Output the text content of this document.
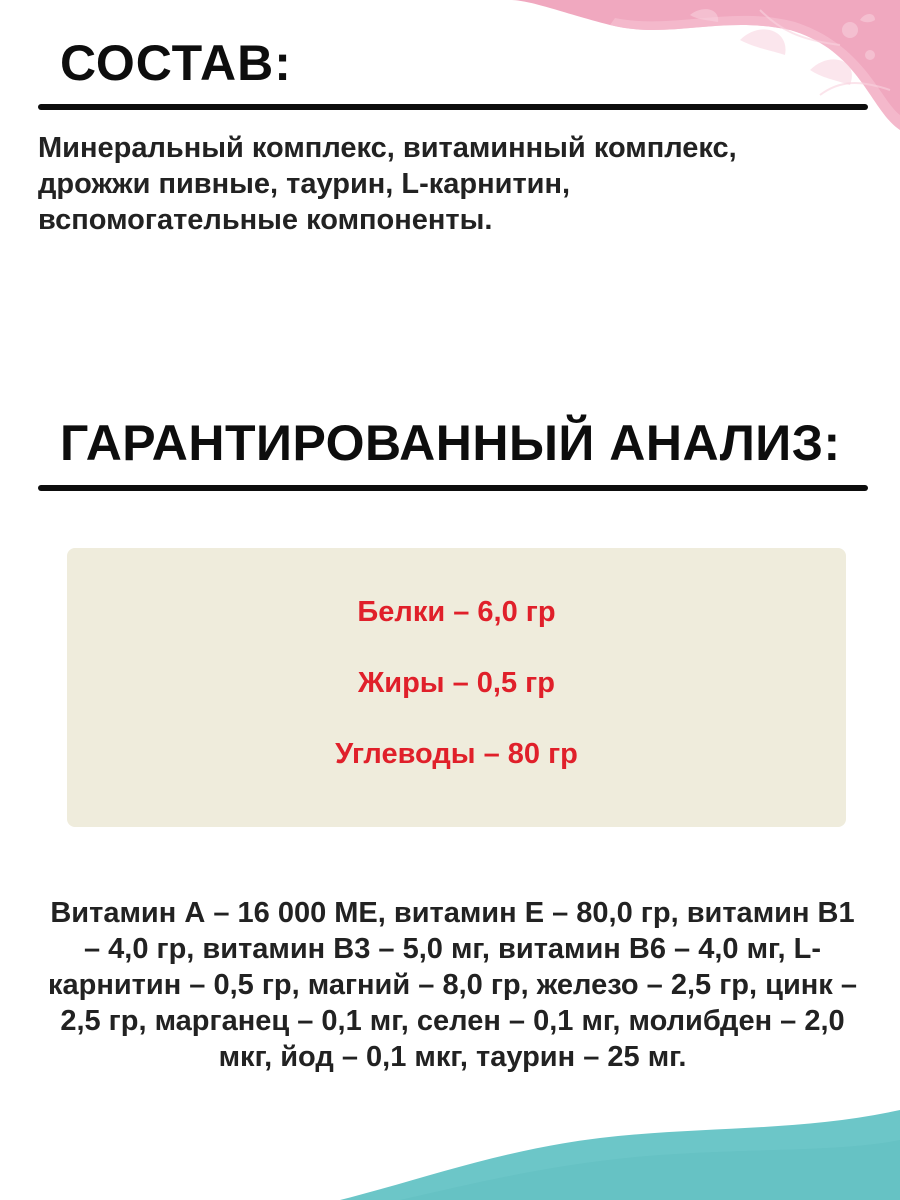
СОСТАВ:

Минеральный комплекс, витаминный комплекс, дрожжи пивные, таурин, L-карнитин, вспомогательные компоненты.

ГАРАНТИРОВАННЫЙ АНАЛИЗ:

Белки – 6,0 гр

Жиры – 0,5 гр

Углеводы – 80 гр

Витамин А – 16 000 МЕ, витамин Е – 80,0 гр, витамин В1 – 4,0 гр, витамин В3 – 5,0 мг, витамин В6 – 4,0 мг, L-карнитин – 0,5 гр, магний – 8,0 гр, железо – 2,5 гр, цинк – 2,5 гр, марганец – 0,1 мг, селен – 0,1 мг, молибден – 2,0 мкг, йод – 0,1 мкг, таурин – 25 мг.
